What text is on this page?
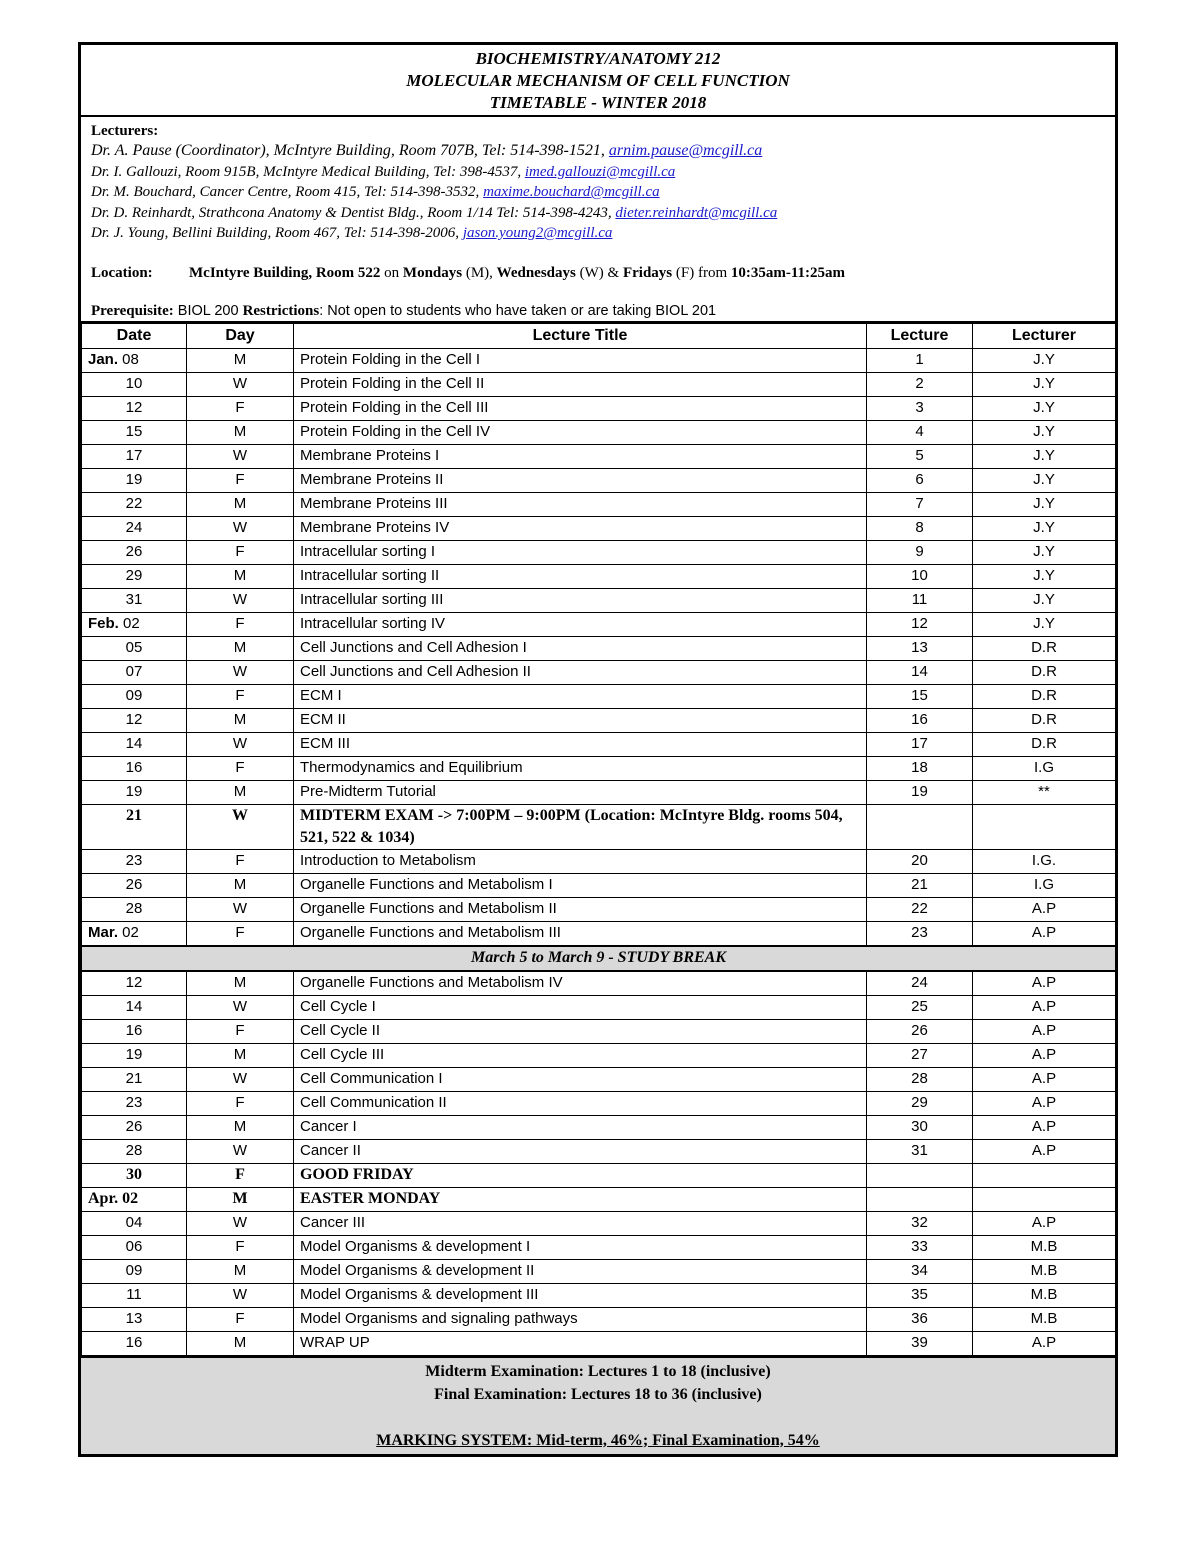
BIOCHEMISTRY/ANATOMY 212
MOLECULAR MECHANISM OF CELL FUNCTION
TIMETABLE - WINTER 2018
Lecturers:
Dr. A. Pause (Coordinator), McIntyre Building, Room 707B, Tel: 514-398-1521, arnim.pause@mcgill.ca
Dr. I. Gallouzi, Room 915B, McIntyre Medical Building, Tel: 398-4537, imed.gallouzi@mcgill.ca
Dr. M. Bouchard, Cancer Centre, Room 415, Tel: 514-398-3532, maxime.bouchard@mcgill.ca
Dr. D. Reinhardt, Strathcona Anatomy & Dentist Bldg., Room 1/14 Tel: 514-398-4243, dieter.reinhardt@mcgill.ca
Dr. J. Young, Bellini Building, Room 467, Tel: 514-398-2006, jason.young2@mcgill.ca
Location: McIntyre Building, Room 522 on Mondays (M), Wednesdays (W) & Fridays (F) from 10:35am-11:25am
Prerequisite: BIOL 200 Restrictions: Not open to students who have taken or are taking BIOL 201
Date	Day	Lecture Title	Lecture	Lecturer
Jan. 08	M	Protein Folding in the Cell I	1	J.Y
10	W	Protein Folding in the Cell II	2	J.Y
12	F	Protein Folding in the Cell III	3	J.Y
15	M	Protein Folding in the Cell IV	4	J.Y
17	W	Membrane Proteins I	5	J.Y
19	F	Membrane Proteins II	6	J.Y
22	M	Membrane Proteins III	7	J.Y
24	W	Membrane Proteins IV	8	J.Y
26	F	Intracellular sorting I	9	J.Y
29	M	Intracellular sorting II	10	J.Y
31	W	Intracellular sorting III	11	J.Y
Feb. 02	F	Intracellular sorting IV	12	J.Y
05	M	Cell Junctions and Cell Adhesion I	13	D.R
07	W	Cell Junctions and Cell Adhesion II	14	D.R
09	F	ECM I	15	D.R
12	M	ECM II	16	D.R
14	W	ECM III	17	D.R
16	F	Thermodynamics and Equilibrium	18	I.G
19	M	Pre-Midterm Tutorial	19	**
21	W	MIDTERM EXAM -> 7:00PM – 9:00PM (Location: McIntyre Bldg. rooms 504, 521, 522 & 1034)		
23	F	Introduction to Metabolism	20	I.G.
26	M	Organelle Functions and Metabolism I	21	I.G
28	W	Organelle Functions and Metabolism II	22	A.P
Mar. 02	F	Organelle Functions and Metabolism III	23	A.P
March 5 to March 9 - STUDY BREAK				
12	M	Organelle Functions and Metabolism IV	24	A.P
14	W	Cell Cycle I	25	A.P
16	F	Cell Cycle II	26	A.P
19	M	Cell Cycle III	27	A.P
21	W	Cell Communication I	28	A.P
23	F	Cell Communication II	29	A.P
26	M	Cancer I	30	A.P
28	W	Cancer II	31	A.P
30	F	GOOD FRIDAY		
Apr. 02	M	EASTER MONDAY		
04	W	Cancer III	32	A.P
06	F	Model Organisms & development I	33	M.B
09	M	Model Organisms & development II	34	M.B
11	W	Model Organisms & development III	35	M.B
13	F	Model Organisms and signaling pathways	36	M.B
16	M	WRAP UP	39	A.P
Midterm Examination: Lectures 1 to 18 (inclusive)
Final Examination: Lectures 18 to 36 (inclusive)
MARKING SYSTEM: Mid-term, 46%; Final Examination, 54%
